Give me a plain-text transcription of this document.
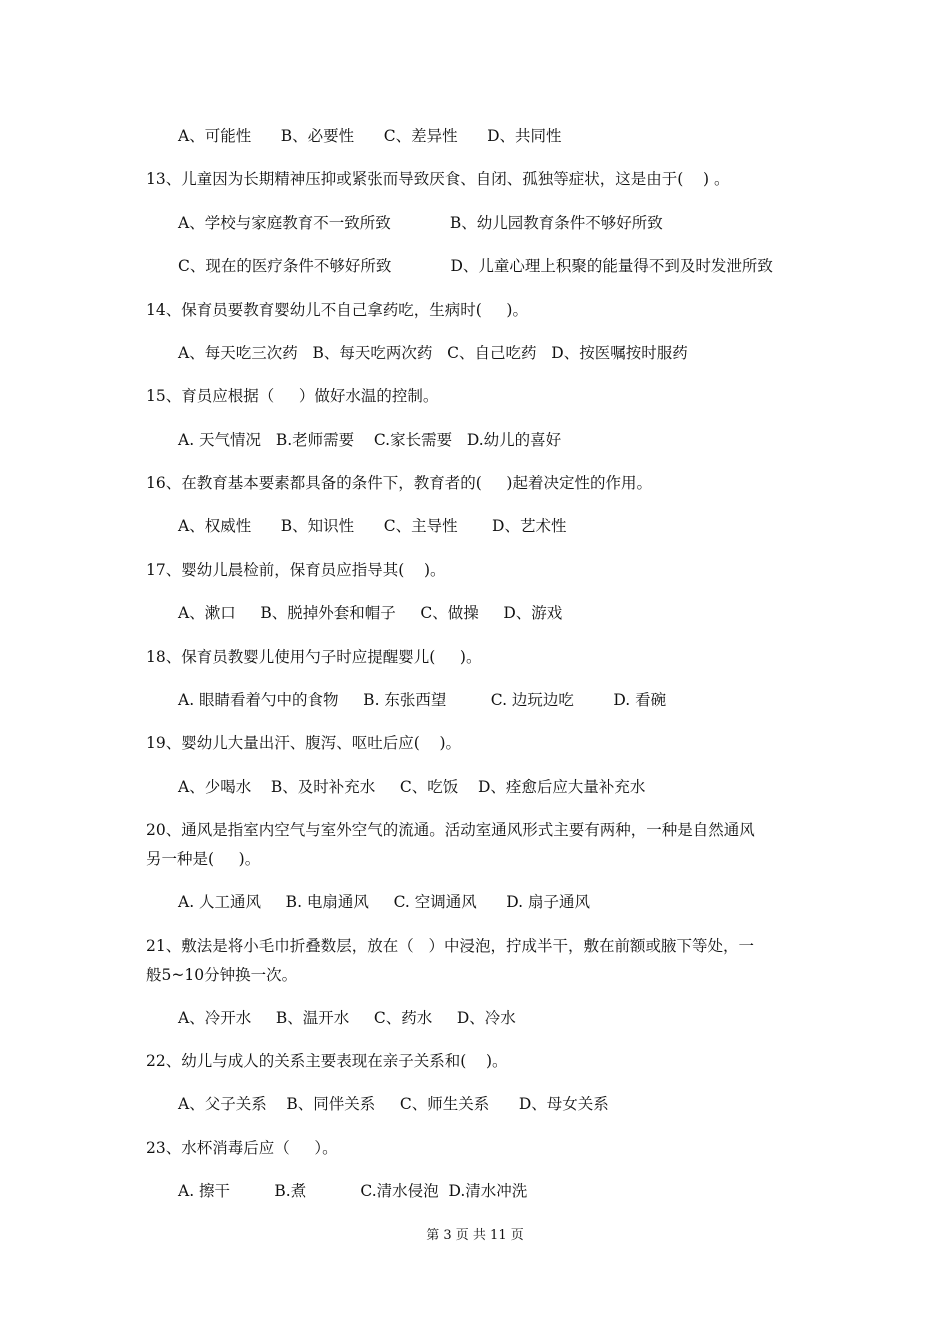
A、可能性      B、必要性      C、差异性      D、共同性

13、儿童因为长期精神压抑或紧张而导致厌食、自闭、孤独等症状，这是由于(    ) 。

A、学校与家庭教育不一致所致            B、幼儿园教育条件不够好所致

C、现在的医疗条件不够好所致            D、儿童心理上积聚的能量得不到及时发泄所致

14、保育员要教育婴幼儿不自己拿药吃，生病时(     )。

A、每天吃三次药   B、每天吃两次药   C、自己吃药   D、按医嘱按时服药

15、育员应根据（     ）做好水温的控制。

A. 天气情况   B.老师需要    C.家长需要   D.幼儿的喜好

16、在教育基本要素都具备的条件下，教育者的(     )起着决定性的作用。

A、权威性      B、知识性      C、主导性       D、艺术性

17、婴幼儿晨检前，保育员应指导其(    )。

A、漱口     B、脱掉外套和帽子     C、做操     D、游戏

18、保育员教婴儿使用勺子时应提醒婴儿(     )。

A. 眼睛看着勺中的食物     B. 东张西望         C. 边玩边吃        D. 看碗

19、婴幼儿大量出汗、腹泻、呕吐后应(    )。

A、少喝水    B、及时补充水     C、吃饭    D、痊愈后应大量补充水

20、通风是指室内空气与室外空气的流通。活动室通风形式主要有两种，一种是自然通风

另一种是(     )。

A. 人工通风     B. 电扇通风     C. 空调通风      D. 扇子通风

21、敷法是将小毛巾折叠数层，放在（   ）中浸泡，拧成半干，敷在前额或腋下等处，一

般5~10分钟换一次。

A、冷开水     B、温开水     C、药水     D、冷水

22、幼儿与成人的关系主要表现在亲子关系和(    )。

A、父子关系    B、同伴关系     C、师生关系      D、母女关系

23、水杯消毒后应（     ）。

A. 擦干         B.煮           C.清水侵泡  D.清水冲洗

第 3 页 共 11 页
